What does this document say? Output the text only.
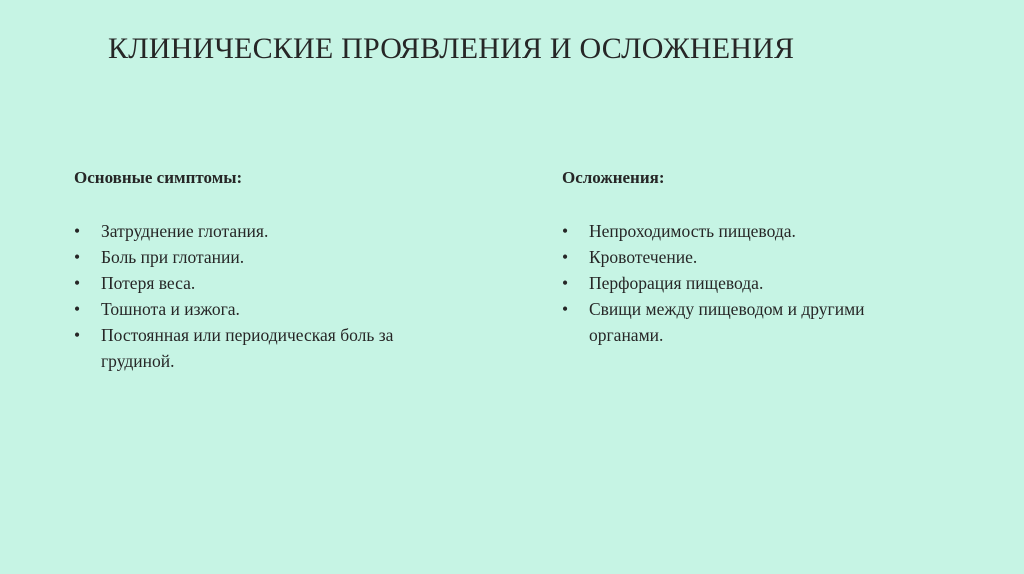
КЛИНИЧЕСКИЕ ПРОЯВЛЕНИЯ И ОСЛОЖНЕНИЯ

Основные симптомы:

• Затруднение глотания.
• Боль при глотании.
• Потеря веса.
• Тошнота и изжога.
• Постоянная или периодическая боль за грудиной.

Осложнения:

• Непроходимость пищевода.
• Кровотечение.
• Перфорация пищевода.
• Свищи между пищеводом и другими органами.
